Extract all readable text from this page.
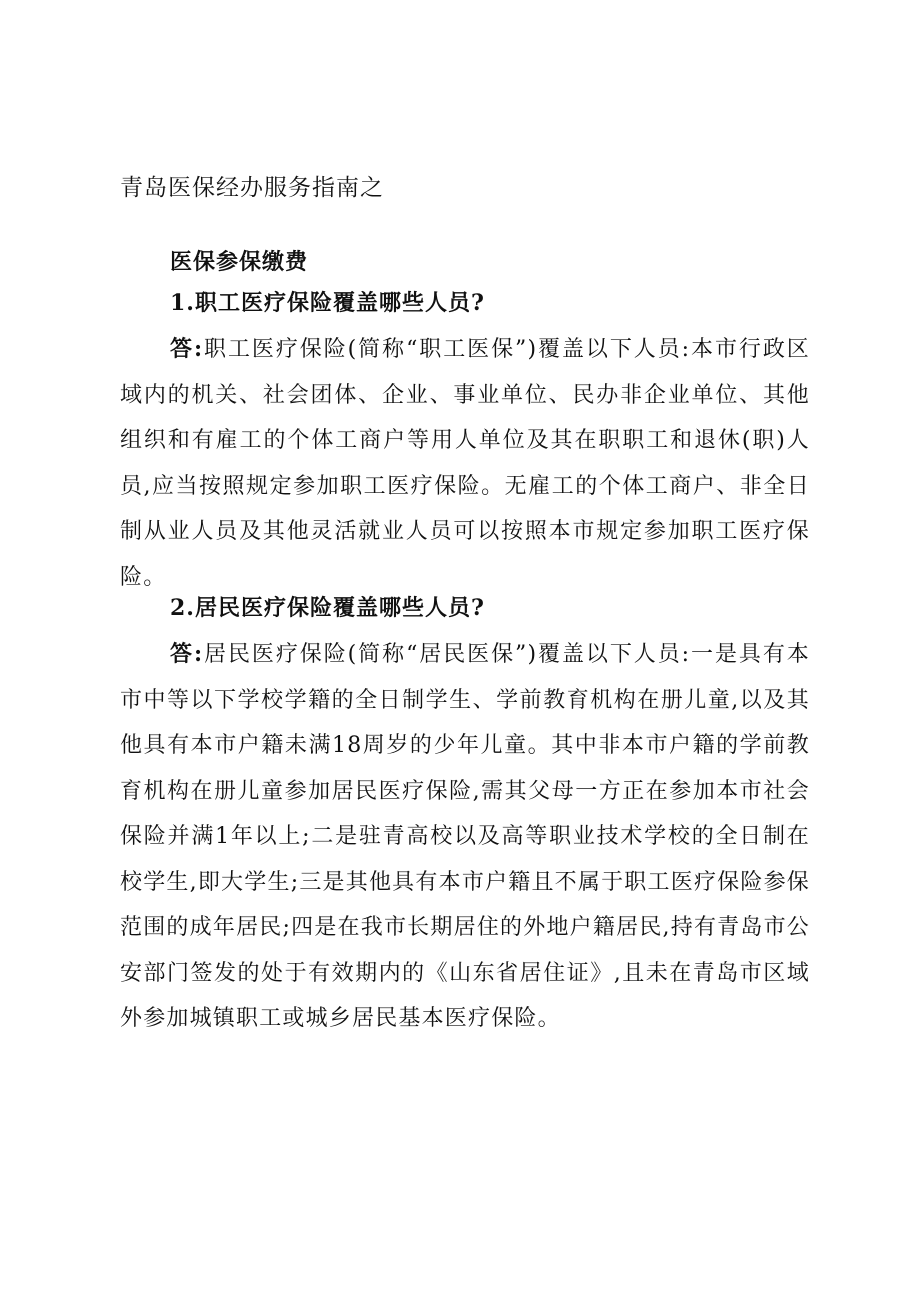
青岛医保经办服务指南之
医保参保缴费
1.职工医疗保险覆盖哪些人员?

答:职工医疗保险(简称“职工医保”)覆盖以下人员:本市行政区域内的机关、社会团体、企业、事业单位、民办非企业单位、其他组织和有雇工的个体工商户等用人单位及其在职职工和退休(职)人员,应当按照规定参加职工医疗保险。无雇工的个体工商户、非全日制从业人员及其他灵活就业人员可以按照本市规定参加职工医疗保险。

2.居民医疗保险覆盖哪些人员?

答:居民医疗保险(简称“居民医保”)覆盖以下人员:一是具有本市中等以下学校学籍的全日制学生、学前教育机构在册儿童,以及其他具有本市户籍未满18周岁的少年儿童。其中非本市户籍的学前教育机构在册儿童参加居民医疗保险,需其父母一方正在参加本市社会保险并满1年以上;二是驻青高校以及高等职业技术学校的全日制在校学生,即大学生;三是其他具有本市户籍且不属于职工医疗保险参保范围的成年居民;四是在我市长期居住的外地户籍居民,持有青岛市公安部门签发的处于有效期内的《山东省居住证》,且未在青岛市区域外参加城镇职工或城乡居民基本医疗保险。
